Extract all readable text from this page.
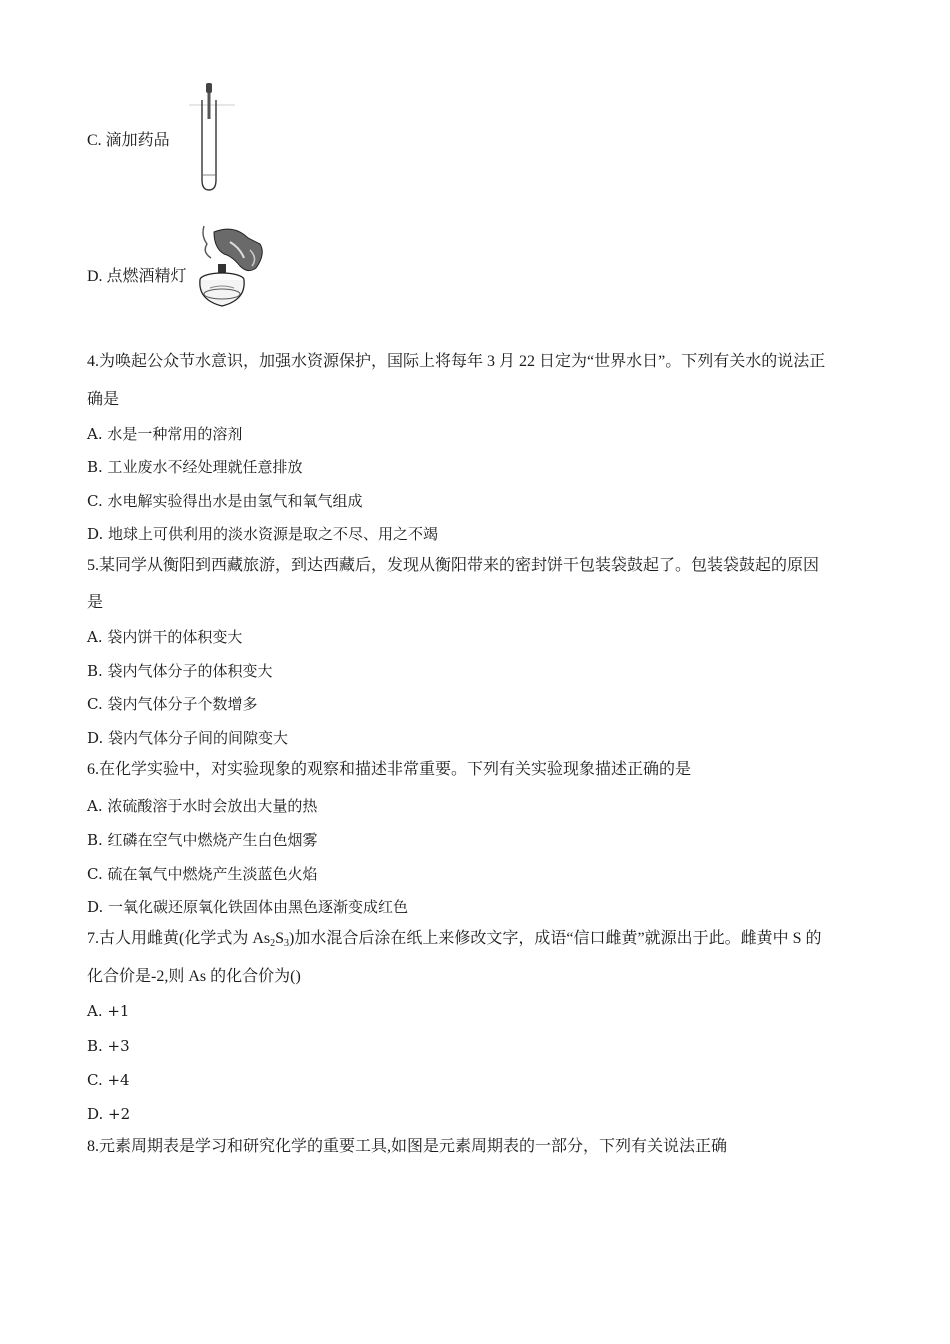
C. 滴加药品
D. 点燃酒精灯
4.为唤起公众节水意识，加强水资源保护，国际上将每年 3 月 22 日定为“世界水日”。下列有关水的说法正
确是
A. 水是一种常用的溶剂
B. 工业废水不经处理就任意排放
C. 水电解实验得出水是由氢气和氧气组成
D. 地球上可供利用的淡水资源是取之不尽、用之不竭
5.某同学从衡阳到西藏旅游，到达西藏后，发现从衡阳带来的密封饼干包装袋鼓起了。包装袋鼓起的原因
是
A. 袋内饼干的体积变大
B. 袋内气体分子的体积变大
C. 袋内气体分子个数增多
D. 袋内气体分子间的间隙变大
6.在化学实验中，对实验现象的观察和描述非常重要。下列有关实验现象描述正确的是
A. 浓硫酸溶于水时会放出大量的热
B. 红磷在空气中燃烧产生白色烟雾
C. 硫在氧气中燃烧产生淡蓝色火焰
D. 一氧化碳还原氧化铁固体由黑色逐渐变成红色
7.古人用雌黄(化学式为 $As_2S_3$)加水混合后涂在纸上来修改文字，成语“信口雌黄”就源出于此。雌黄中 S 的
化合价是-2,则 As 的化合价为()
A. +1
B. +3
C. +4
D. +2
8.元素周期表是学习和研究化学的重要工具,如图是元素周期表的一部分，下列有关说法正确
